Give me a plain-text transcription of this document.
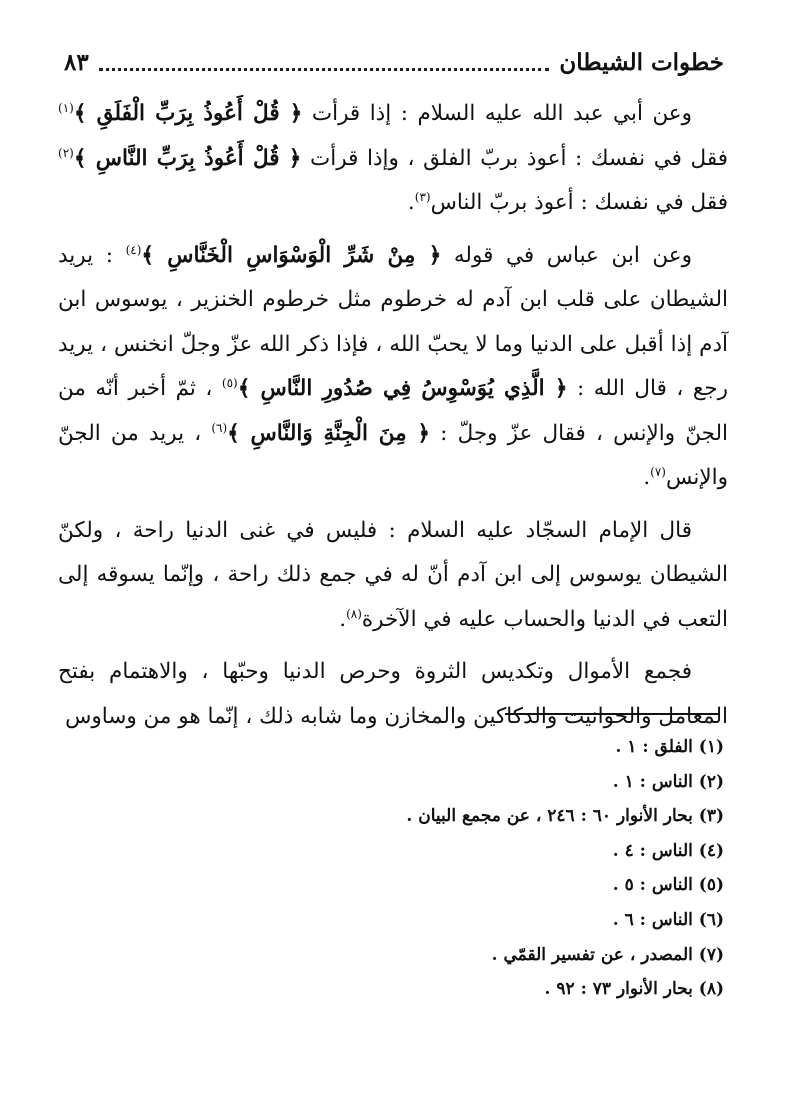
خطوات الشيطان
٨٣

وعن أبي عبد الله عليه السلام : إذا قرأت ﴿ قُلْ أَعُوذُ بِرَبِّ الْفَلَقِ ﴾$^{(١)}$ فقل في نفسك : أعوذ بربّ الفلق ، وإذا قرأت ﴿ قُلْ أَعُوذُ بِرَبِّ النَّاسِ ﴾$^{(٢)}$ فقل في نفسك : أعوذ بربّ الناس$^{(٣)}$.

وعن ابن عباس في قوله ﴿ مِنْ شَرِّ الْوَسْوَاسِ الْخَنَّاسِ ﴾$^{(٤)}$ : يريد الشيطان على قلب ابن آدم له خرطوم مثل خرطوم الخنزير ، يوسوس ابن آدم إذا أقبل على الدنيا وما لا يحبّ الله ، فإذا ذكر الله عزّ وجلّ انخنس ، يريد رجع ، قال الله : ﴿ الَّذِي يُوَسْوِسُ فِي صُدُورِ النَّاسِ ﴾$^{(٥)}$ ، ثمّ أخبر أنّه من الجنّ والإنس ، فقال عزّ وجلّ : ﴿ مِنَ الْجِنَّةِ وَالنَّاسِ ﴾$^{(٦)}$ ، يريد من الجنّ والإنس$^{(٧)}$.

قال الإمام السجّاد عليه السلام : فليس في غنى الدنيا راحة ، ولكنّ الشيطان يوسوس إلى ابن آدم أنّ له في جمع ذلك راحة ، وإنّما يسوقه إلى التعب في الدنيا والحساب عليه في الآخرة$^{(٨)}$.

فجمع الأموال وتكديس الثروة وحرص الدنيا وحبّها ، والاهتمام بفتح المعامل والحوانيت والدكاكين والمخازن وما شابه ذلك ، إنّما هو من وساوس

(١) الفلق : ١ .
(٢) الناس : ١ .
(٣) بحار الأنوار ٦٠ : ٢٤٦ ، عن مجمع البيان .
(٤) الناس : ٤ .
(٥) الناس : ٥ .
(٦) الناس : ٦ .
(٧) المصدر ، عن تفسير القمّي .
(٨) بحار الأنوار ٧٣ : ٩٢ .
